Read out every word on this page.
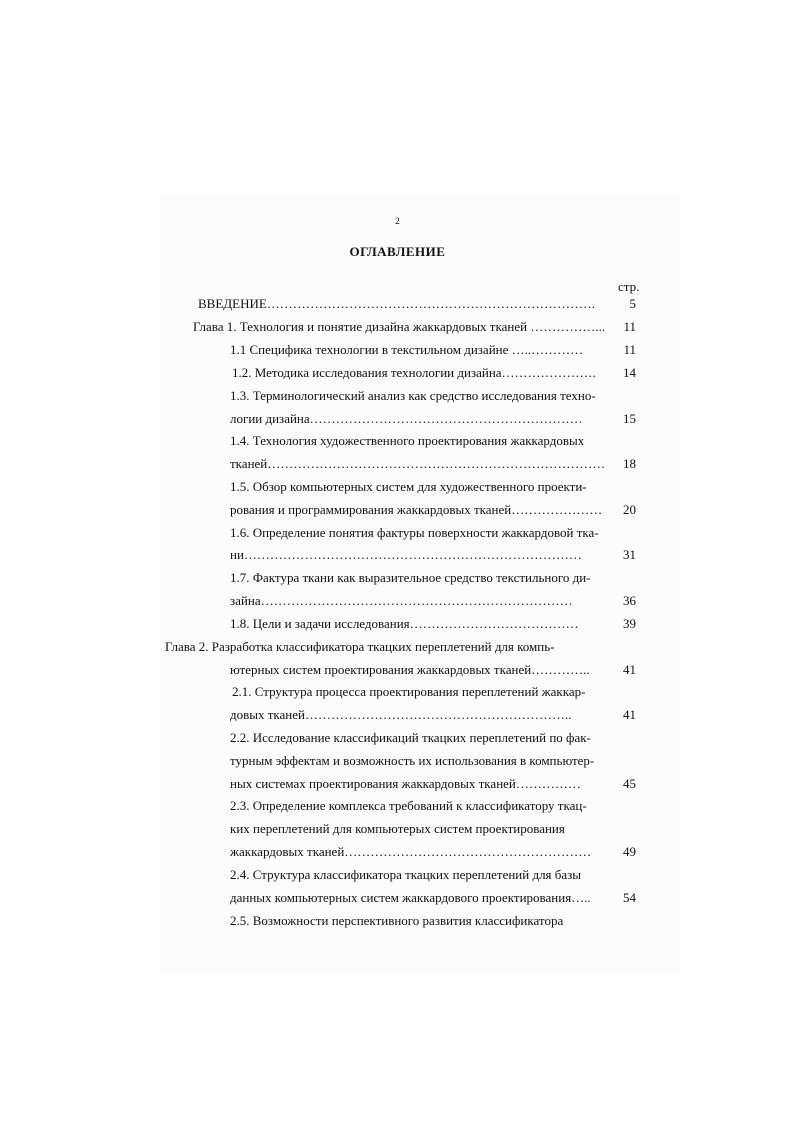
2
ОГЛАВЛЕНИЕ
стр.
ВВЕДЕНИЕ………………………………………………………………….	5
Глава 1. Технология и понятие дизайна жаккардовых тканей ……………...	11
1.1 Специфика технологии в текстильном дизайне …..…………	11
1.2. Методика исследования технологии дизайна………………….	14
1.3. Терминологический анализ как средство исследования техно-
логии дизайна………………………………………………………	15
1.4. Технология художественного проектирования жаккардовых
тканей……………………………………………………………………	18
1.5. Обзор компьютерных систем для художественного проекти-
рования и программирования жаккардовых тканей…………………	20
1.6. Определение понятия фактуры поверхности жаккардовой тка-
ни……………………………………………………………………	31
1.7. Фактура ткани как выразительное средство текстильного ди-
зайна………………………………………………………………	36
1.8. Цели и задачи исследования…………………………………	39
Глава 2. Разработка классификатора ткацких переплетений для компь-
ютерных систем проектирования жаккардовых тканей…………..	41
2.1. Структура процесса проектирования переплетений жаккар-
довых тканей……………………………………………………..	41
2.2. Исследование классификаций ткацких переплетений по фак-
турным эффектам и возможность их использования в компьютер-
ных системах проектирования жаккардовых тканей……………	45
2.3. Определение комплекса требований к классификатору ткац-
ких переплетений для компьютерых систем проектирования
жаккардовых тканей…………………………………………………	49
2.4. Структура классификатора ткацких переплетений для базы
данных компьютерных систем жаккардового проектирования…..	54
2.5. Возможности перспективного развития классификатора
